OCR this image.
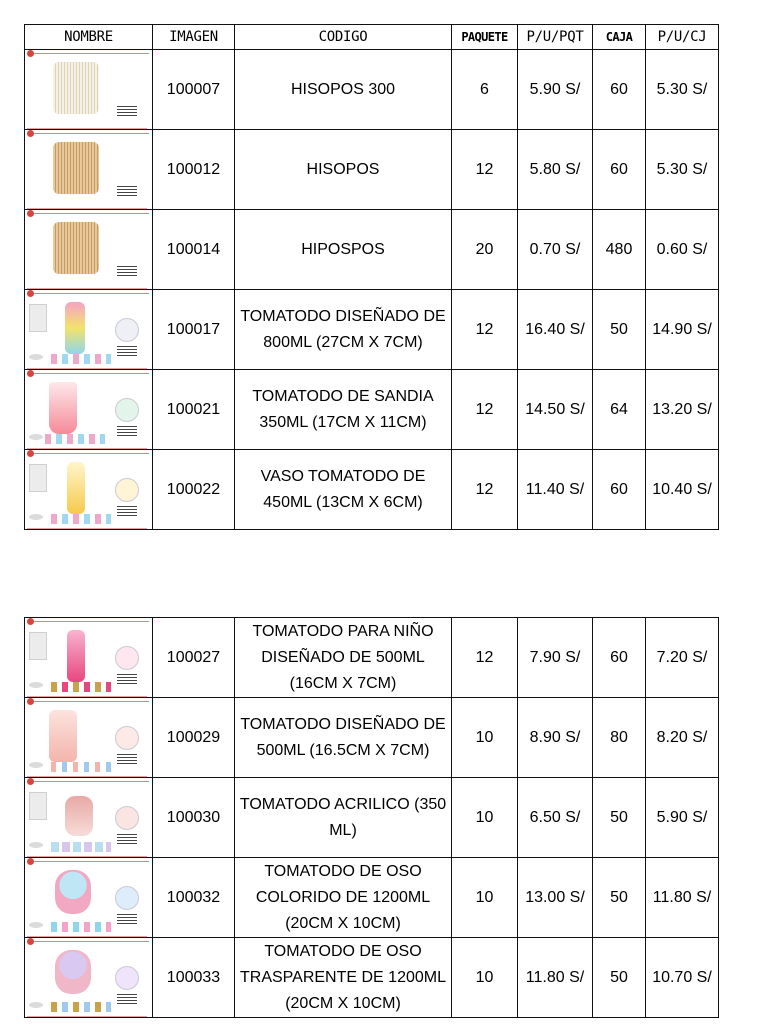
NOMBRE	IMAGEN	CODIGO	PAQUETE	P/U/PQT	CAJA	P/U/CJ

	100007	HISOPOS 300	6	5.90 S/	60	5.30 S/

	100012	HISOPOS	12	5.80 S/	60	5.30 S/

	100014	HIPOSPOS	20	0.70 S/	480	0.60 S/

	100017	TOMATODO DISEÑADO DE 800ML (27CM X 7CM)	12	16.40 S/	50	14.90 S/

	100021	TOMATODO DE SANDIA 350ML (17CM X 11CM)	12	14.50 S/	64	13.20 S/

	100022	VASO TOMATODO DE 450ML (13CM X 6CM)	12	11.40 S/	60	10.40 S/
	100027	TOMATODO PARA NIÑO DISEÑADO DE 500ML (16CM X 7CM)	12	7.90 S/	60	7.20 S/

	100029	TOMATODO DISEÑADO DE 500ML (16.5CM X 7CM)	10	8.90 S/	80	8.20 S/

	100030	TOMATODO ACRILICO (350 ML)	10	6.50 S/	50	5.90 S/

	100032	TOMATODO DE OSO COLORIDO DE 1200ML (20CM X 10CM)	10	13.00 S/	50	11.80 S/

	100033	TOMATODO DE OSO TRASPARENTE DE 1200ML (20CM X 10CM)	10	11.80 S/	50	10.70 S/
